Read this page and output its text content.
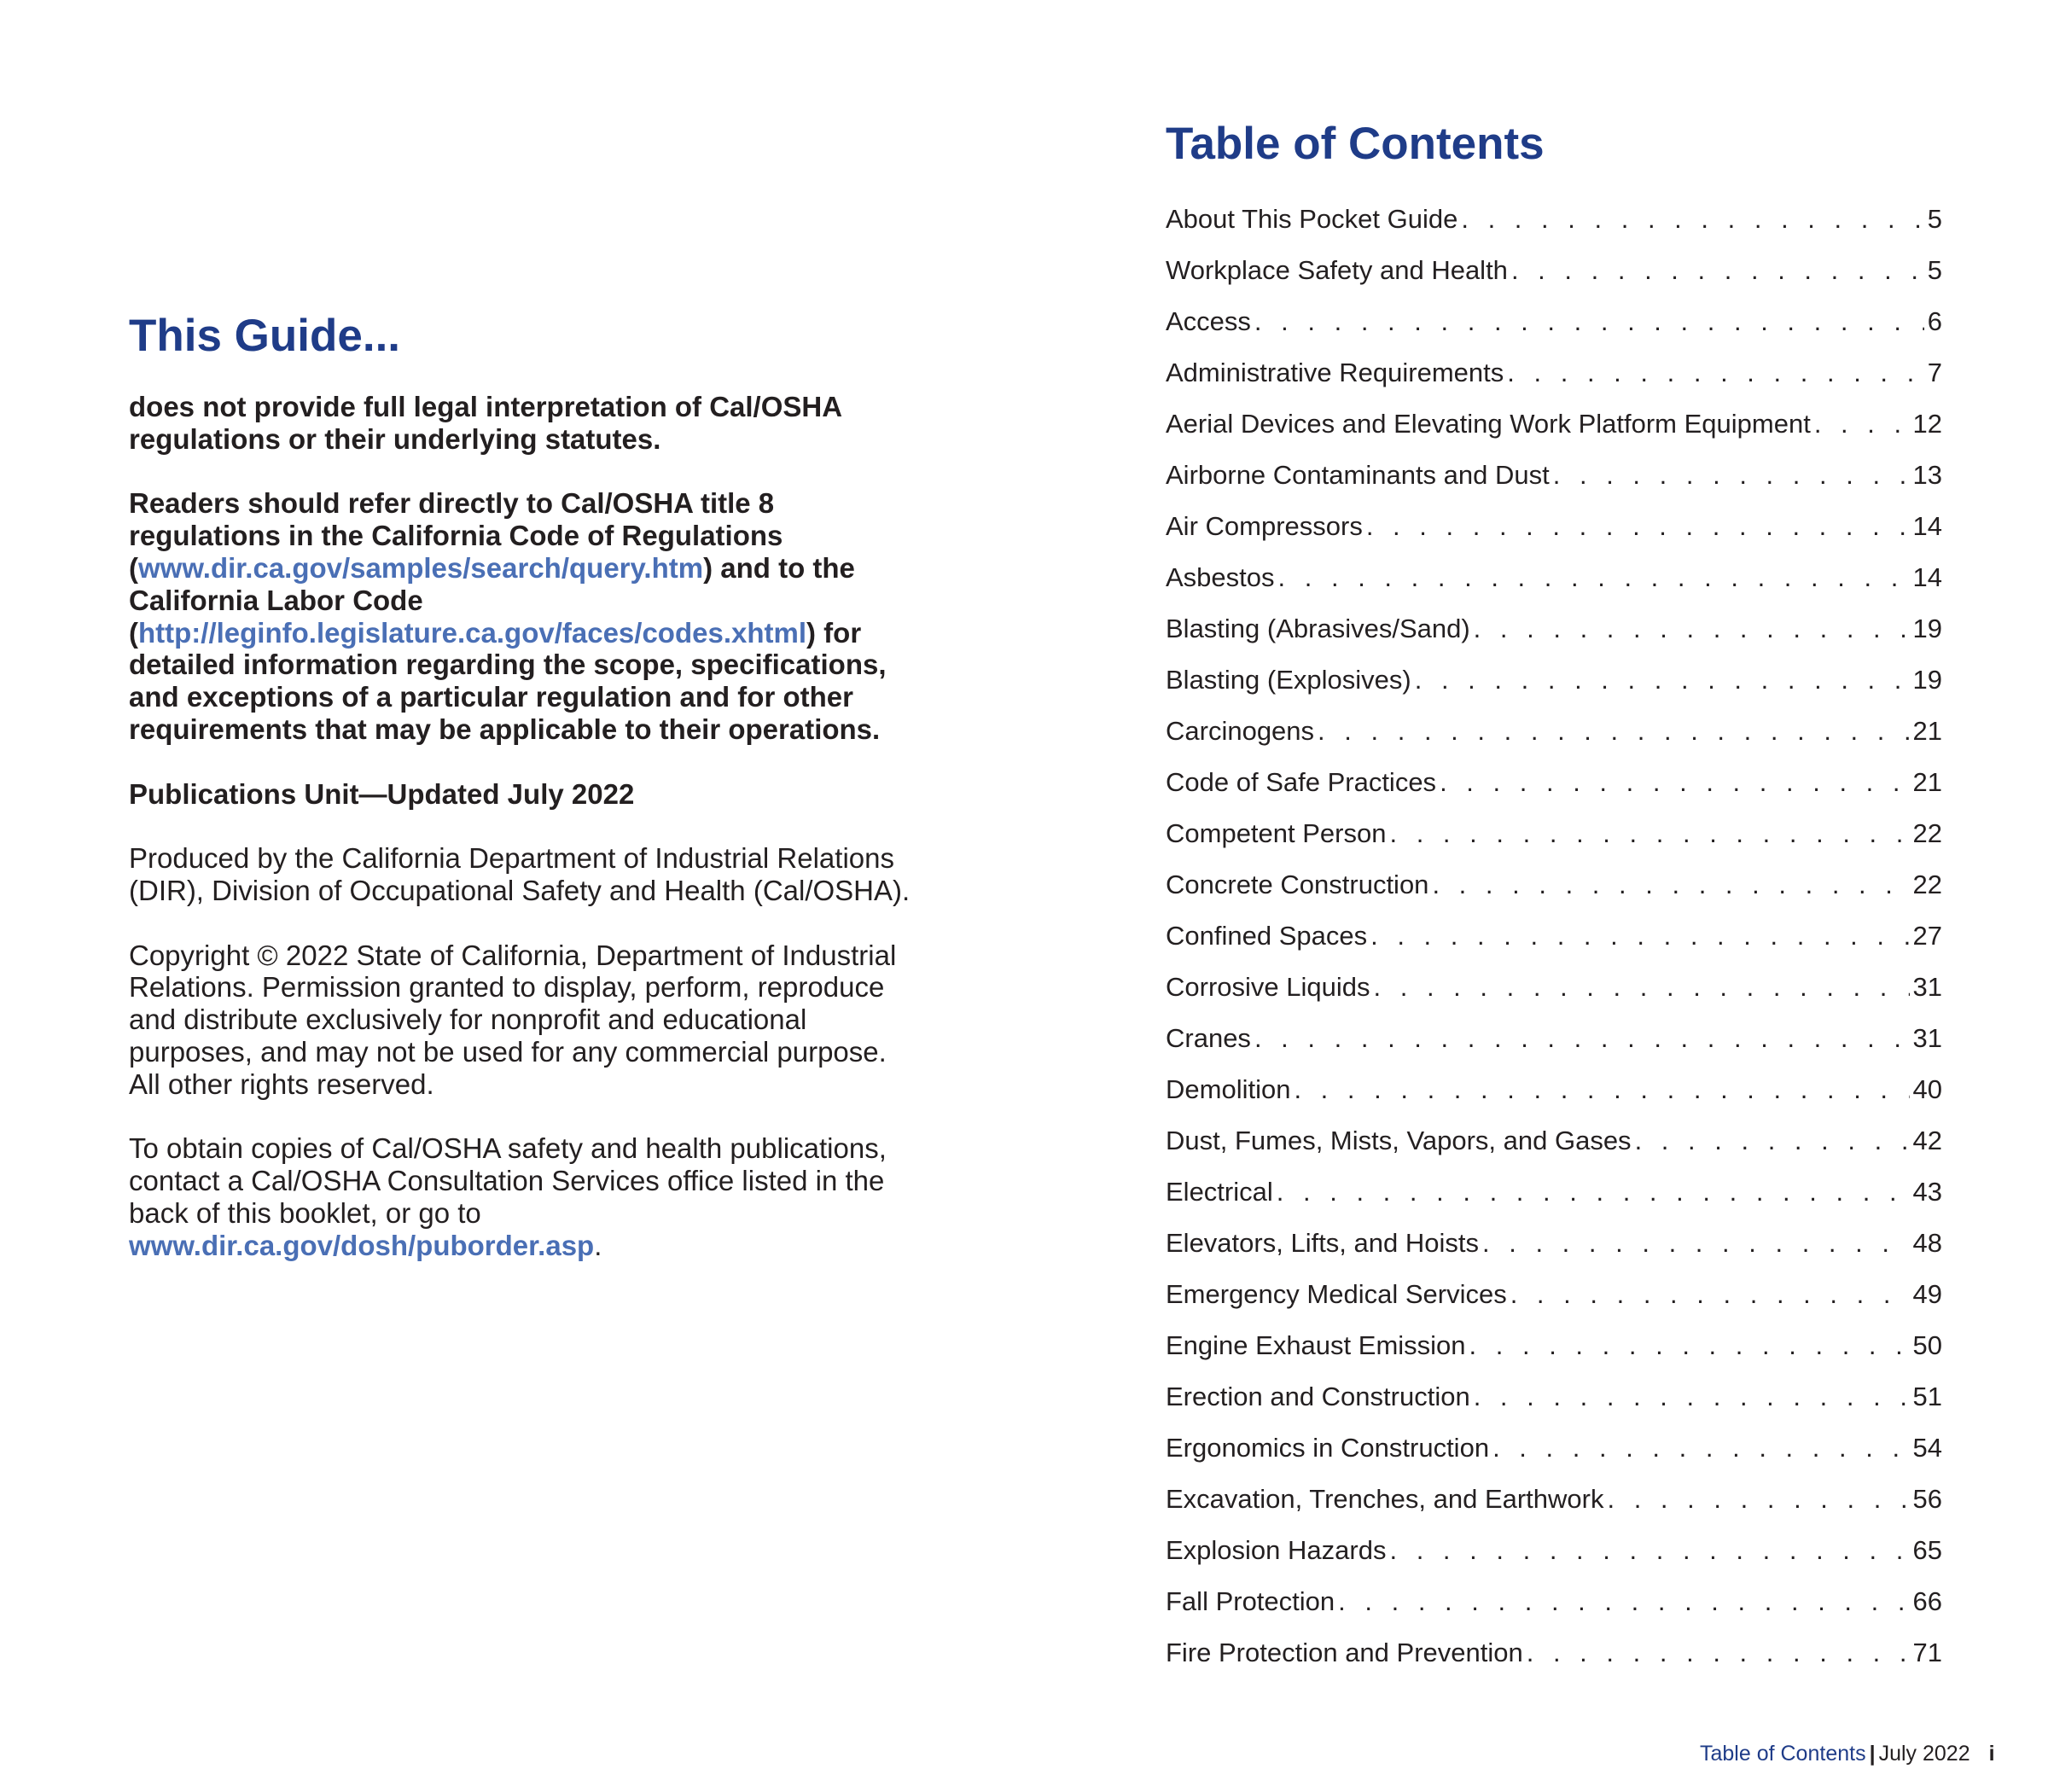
This Guide...

does not provide full legal interpretation of Cal/OSHA regulations or their underlying statutes.

Readers should refer directly to Cal/OSHA title 8 regulations in the California Code of Regulations (www.dir.ca.gov/samples/search/query.htm) and to the California Labor Code (http://leginfo.legislature.ca.gov/faces/codes.xhtml) for detailed information regarding the scope, specifications, and exceptions of a particular regulation and for other requirements that may be applicable to their operations.

Publications Unit—Updated July 2022

Produced by the California Department of Industrial Relations (DIR), Division of Occupational Safety and Health (Cal/OSHA).

Copyright © 2022 State of California, Department of Industrial Relations. Permission granted to display, perform, reproduce and distribute exclusively for nonprofit and educational purposes, and may not be used for any commercial purpose. All other rights reserved.

To obtain copies of Cal/OSHA safety and health publications, contact a Cal/OSHA Consultation Services office listed in the back of this booklet, or go to www.dir.ca.gov/dosh/puborder.asp.

Table of Contents
About This Pocket Guide . . .	5
Workplace Safety and Health . . .	5
Access . . .	6
Administrative Requirements . . .	7
Aerial Devices and Elevating Work Platform Equipment . . .	12
Airborne Contaminants and Dust . . .	13
Air Compressors . . .	14
Asbestos . . .	14
Blasting (Abrasives/Sand) . . .	19
Blasting (Explosives) . . .	19
Carcinogens . . .	21
Code of Safe Practices . . .	21
Competent Person . . .	22
Concrete Construction . . .	22
Confined Spaces . . .	27
Corrosive Liquids . . .	31
Cranes . . .	31
Demolition . . .	40
Dust, Fumes, Mists, Vapors, and Gases . . .	42
Electrical . . .	43
Elevators, Lifts, and Hoists . . .	48
Emergency Medical Services . . .	49
Engine Exhaust Emission . . .	50
Erection and Construction . . .	51
Ergonomics in Construction . . .	54
Excavation, Trenches, and Earthwork . . .	56
Explosion Hazards . . .	65
Fall Protection . . .	66
Fire Protection and Prevention . . .	71
Table of Contents | July 2022 i
